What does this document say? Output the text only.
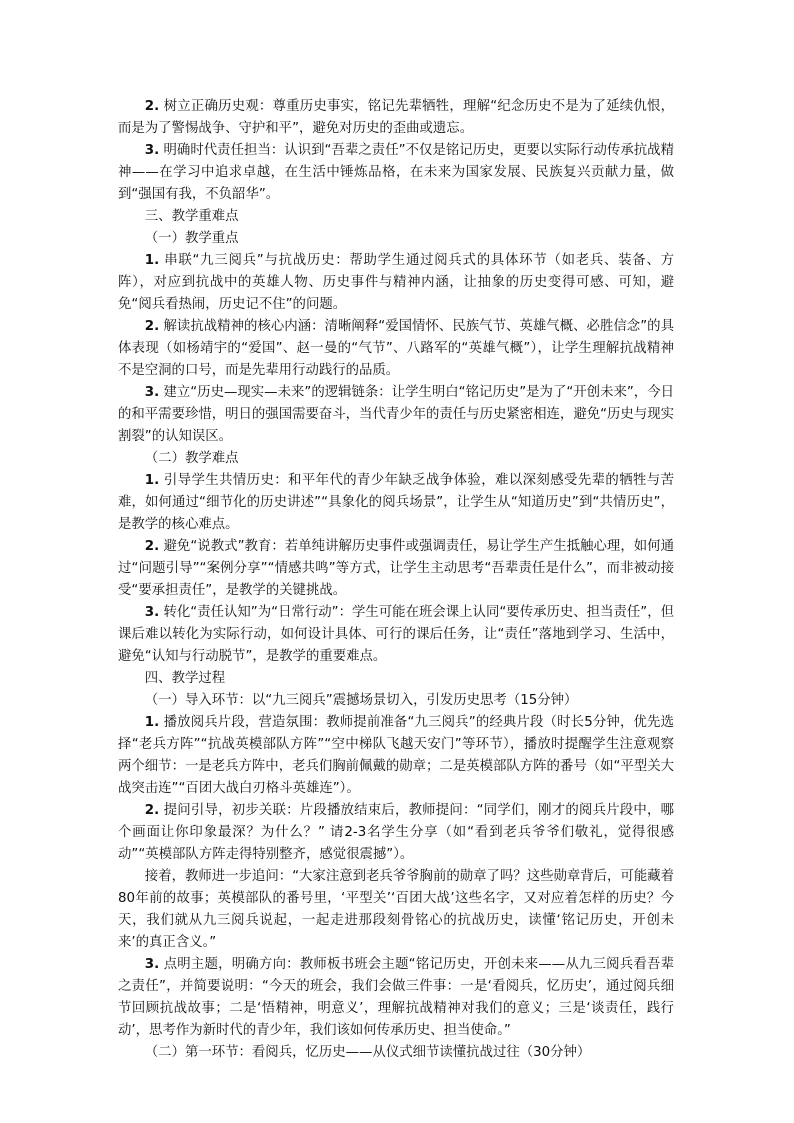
2. 树立正确历史观：尊重历史事实，铭记先辈牺牲，理解“纪念历史不是为了延续仇恨，而是为了警惕战争、守护和平”，避免对历史的歪曲或遗忘。

3. 明确时代责任担当：认识到“吾辈之责任”不仅是铭记历史，更要以实际行动传承抗战精神——在学习中追求卓越，在生活中锤炼品格，在未来为国家发展、民族复兴贡献力量，做到“强国有我，不负韶华”。

三、教学重难点

（一）教学重点

1. 串联“九三阅兵”与抗战历史：帮助学生通过阅兵式的具体环节（如老兵、装备、方阵），对应到抗战中的英雄人物、历史事件与精神内涵，让抽象的历史变得可感、可知，避免“阅兵看热闹，历史记不住”的问题。

2. 解读抗战精神的核心内涵：清晰阐释“爱国情怀、民族气节、英雄气概、必胜信念”的具体表现（如杨靖宇的“爱国”、赵一曼的“气节”、八路军的“英雄气概”），让学生理解抗战精神不是空洞的口号，而是先辈用行动践行的品质。

3. 建立“历史—现实—未来”的逻辑链条：让学生明白“铭记历史”是为了“开创未来”，今日的和平需要珍惜，明日的强国需要奋斗，当代青少年的责任与历史紧密相连，避免“历史与现实割裂”的认知误区。

（二）教学难点

1. 引导学生共情历史：和平年代的青少年缺乏战争体验，难以深刻感受先辈的牺牲与苦难，如何通过“细节化的历史讲述”“具象化的阅兵场景”，让学生从“知道历史”到“共情历史”，是教学的核心难点。

2. 避免“说教式”教育：若单纯讲解历史事件或强调责任，易让学生产生抵触心理，如何通过“问题引导”“案例分享”“情感共鸣”等方式，让学生主动思考“吾辈责任是什么”，而非被动接受“要承担责任”，是教学的关键挑战。

3. 转化“责任认知”为“日常行动”：学生可能在班会课上认同“要传承历史、担当责任”，但课后难以转化为实际行动，如何设计具体、可行的课后任务，让“责任”落地到学习、生活中，避免“认知与行动脱节”，是教学的重要难点。

四、教学过程

（一）导入环节：以“九三阅兵”震撼场景切入，引发历史思考（15分钟）

1. 播放阅兵片段，营造氛围：教师提前准备“九三阅兵”的经典片段（时长5分钟，优先选择“老兵方阵”“抗战英模部队方阵”“空中梯队飞越天安门”等环节），播放时提醒学生注意观察两个细节：一是老兵方阵中，老兵们胸前佩戴的勋章；二是英模部队方阵的番号（如“平型关大战突击连”“百团大战白刃格斗英雄连”）。

2. 提问引导，初步关联：片段播放结束后，教师提问：“同学们，刚才的阅兵片段中，哪个画面让你印象最深？为什么？” 请2-3名学生分享（如“看到老兵爷爷们敬礼，觉得很感动”“英模部队方阵走得特别整齐，感觉很震撼”）。

接着，教师进一步追问：“大家注意到老兵爷爷胸前的勋章了吗？这些勋章背后，可能藏着80年前的故事；英模部队的番号里，‘平型关’‘百团大战’这些名字，又对应着怎样的历史？今天，我们就从九三阅兵说起，一起走进那段刻骨铭心的抗战历史，读懂‘铭记历史，开创未来’的真正含义。”

3. 点明主题，明确方向：教师板书班会主题“铭记历史，开创未来——从九三阅兵看吾辈之责任”，并简要说明：“今天的班会，我们会做三件事：一是‘看阅兵，忆历史’，通过阅兵细节回顾抗战故事；二是‘悟精神，明意义’，理解抗战精神对我们的意义；三是‘谈责任，践行动’，思考作为新时代的青少年，我们该如何传承历史、担当使命。”

（二）第一环节：看阅兵，忆历史——从仪式细节读懂抗战过往（30分钟）
